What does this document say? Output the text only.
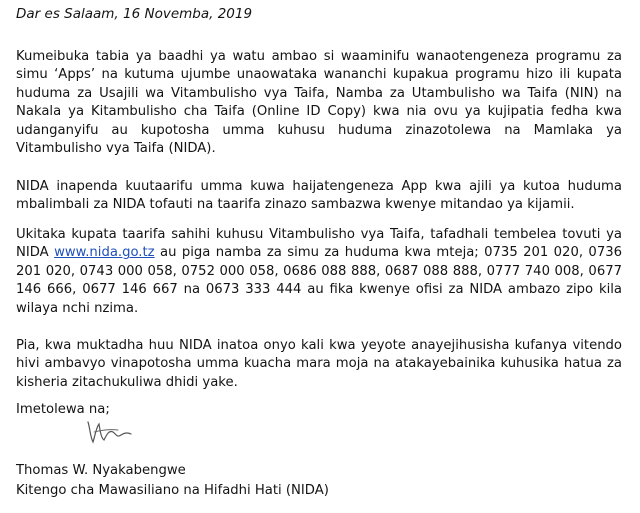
Dar es Salaam, 16 Novemba, 2019

Kumeibuka tabia ya baadhi ya watu ambao si waaminifu wanaotengeneza programu za simu ‘Apps’ na kutuma ujumbe unaowataka wananchi kupakua programu hizo ili kupata huduma za Usajili wa Vitambulisho vya Taifa, Namba za Utambulisho wa Taifa (NIN) na Nakala ya Kitambulisho cha Taifa (Online ID Copy) kwa nia ovu ya kujipatia fedha kwa udanganyifu au kupotosha umma kuhusu huduma zinazotolewa na Mamlaka ya Vitambulisho vya Taifa (NIDA).

NIDA inapenda kuutaarifu umma kuwa haijatengeneza App kwa ajili ya kutoa huduma mbalimbali za NIDA tofauti na taarifa zinazo sambazwa kwenye mitandao ya kijamii.

Ukitaka kupata taarifa sahihi kuhusu Vitambulisho vya Taifa, tafadhali tembelea tovuti ya NIDA www.nida.go.tz au piga namba za simu za huduma kwa mteja; 0735 201 020, 0736 201 020, 0743 000 058, 0752 000 058, 0686 088 888, 0687 088 888, 0777 740 008, 0677 146 666, 0677 146 667 na 0673 333 444 au fika kwenye ofisi za NIDA ambazo zipo kila wilaya nchi nzima.

Pia, kwa muktadha huu NIDA inatoa onyo kali kwa yeyote anayejihusisha kufanya vitendo hivi ambavyo vinapotosha umma kuacha mara moja na atakayebainika kuhusika hatua za kisheria zitachukuliwa dhidi yake.

Imetolewa na;
Thomas W. Nyakabengwe
Kitengo cha Mawasiliano na Hifadhi Hati (NIDA)
